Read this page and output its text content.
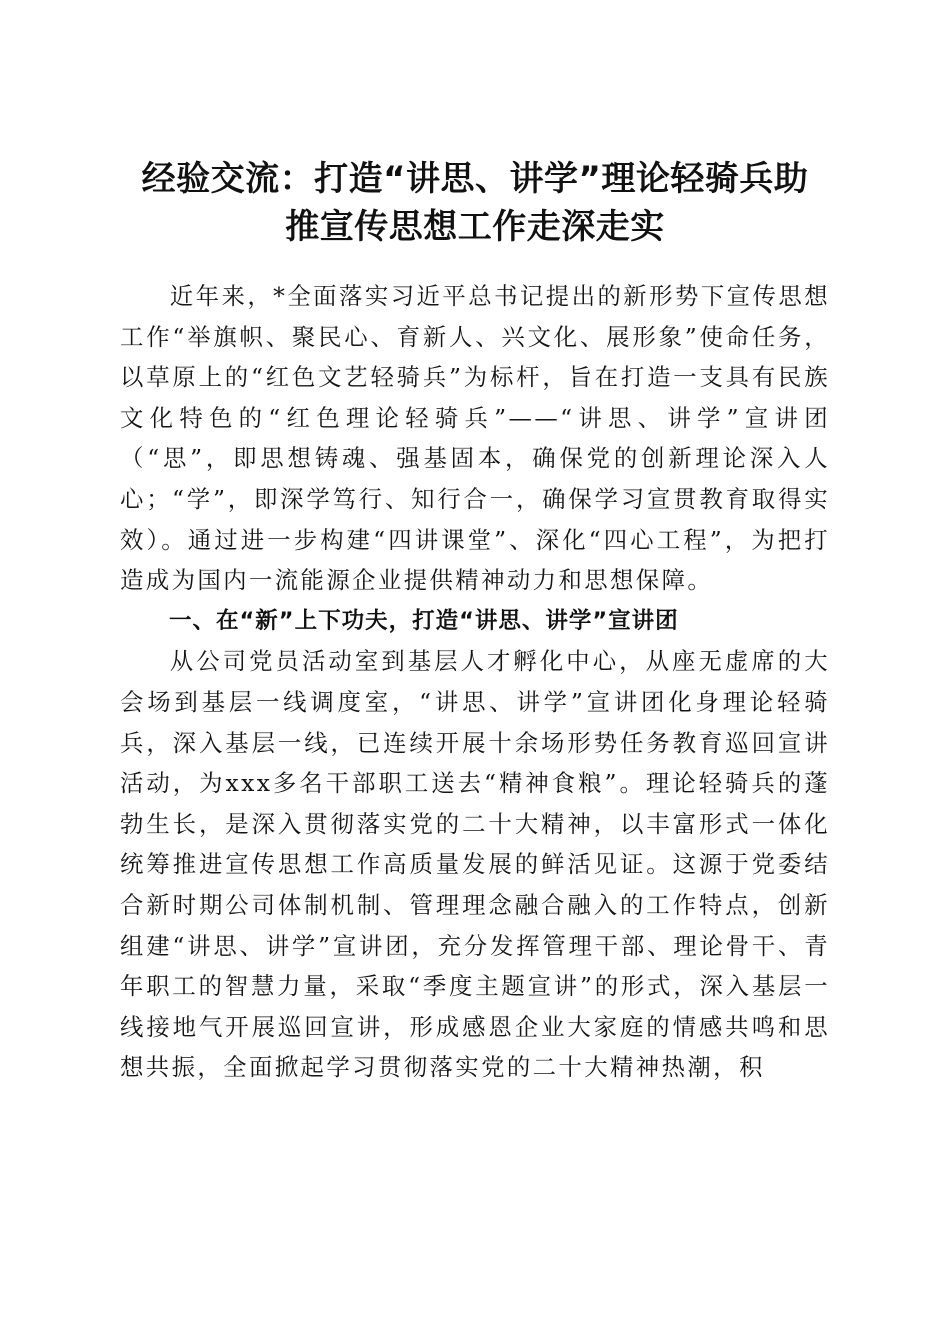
经验交流：打造“讲思、讲学”理论轻骑兵助
推宣传思想工作走深走实

近年来，*全面落实习近平总书记提出的新形势下宣传思想工作“举旗帜、聚民心、育新人、兴文化、展形象”使命任务，以草原上的“红色文艺轻骑兵”为标杆，旨在打造一支具有民族文化特色的“红色理论轻骑兵”——“讲思、讲学”宣讲团（“思”，即思想铸魂、强基固本，确保党的创新理论深入人心；“学”，即深学笃行、知行合一，确保学习宣贯教育取得实效）。通过进一步构建“四讲课堂”、深化“四心工程”，为把打造成为国内一流能源企业提供精神动力和思想保障。

一、在“新”上下功夫，打造“讲思、讲学”宣讲团

从公司党员活动室到基层人才孵化中心，从座无虚席的大会场到基层一线调度室，“讲思、讲学”宣讲团化身理论轻骑兵，深入基层一线，已连续开展十余场形势任务教育巡回宣讲活动，为xxx多名干部职工送去“精神食粮”。理论轻骑兵的蓬勃生长，是深入贯彻落实党的二十大精神，以丰富形式一体化统筹推进宣传思想工作高质量发展的鲜活见证。这源于党委结合新时期公司体制机制、管理理念融合融入的工作特点，创新组建“讲思、讲学”宣讲团，充分发挥管理干部、理论骨干、青年职工的智慧力量，采取“季度主题宣讲”的形式，深入基层一线接地气开展巡回宣讲，形成感恩企业大家庭的情感共鸣和思想共振，全面掀起学习贯彻落实党的二十大精神热潮，积
